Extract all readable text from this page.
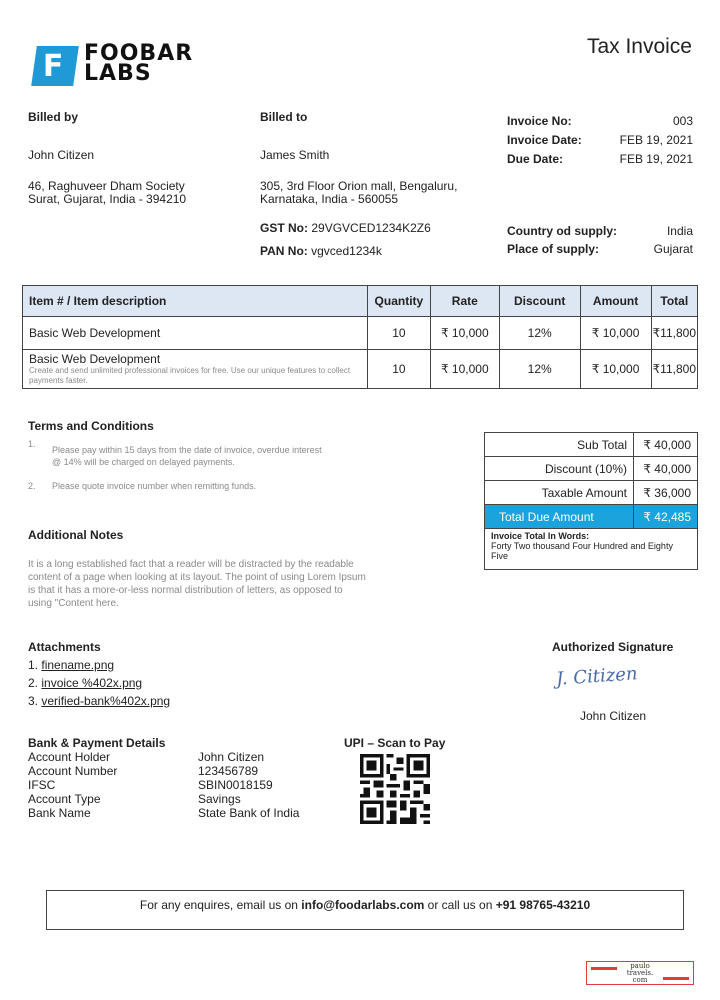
F FOOBAR
LABS
Tax Invoice
Billed by
John Citizen
46, Raghuveer Dham Society
Surat, Gujarat, India - 394210
Billed to
James Smith
305, 3rd Floor Orion mall, Bengaluru,
Karnataka, India - 560055
GST No: 29VGVCED1234K2Z6
PAN No: vgvced1234k
Invoice No:	003
Invoice Date:	FEB 19, 2021
Due Date:	FEB 19, 2021
Country od supply:	India
Place of supply:	Gujarat
Item # / Item description	Quantity	Rate	Discount	Amount	Total
Basic Web Development	10	₹ 10,000	12%	₹ 10,000	₹11,800

Basic Web Development
Create and send unlimited professional invoices for free. Use our unique features to collect payments faster.	10	₹ 10,000	12%	₹ 10,000	₹11,800
Terms and Conditions
1.
Please pay within 15 days from the date of invoice, overdue interest @ 14% will be charged on delayed payments.
2. Please quote invoice number when remitting funds.
Sub Total	₹ 40,000
Discount (10%)	₹ 40,000
Taxable Amount	₹ 36,000
Total Due Amount	₹ 42,485
Invoice Total In Words:
Forty Two thousand Four Hundred and Eighty Five
Additional Notes
It is a long established fact that a reader will be distracted by the readable content of a page when looking at its layout. The point of using Lorem Ipsum is that it has a more-or-less normal distribution of letters, as opposed to using "Content here.
Attachments
1. finename.png
2. invoice %402x.png
3. verified-bank%402x.png
Authorized Signature
J. Citizen
John Citizen
Bank & Payment Details
Account Holder	John Citizen
Account Number	123456789
IFSC	SBIN0018159
Account Type	Savings
Bank Name	State Bank of India
UPI – Scan to Pay
For any enquires, email us on info@foodarlabs.com or call us on +91 98765-43210
paulo
travels.
com
